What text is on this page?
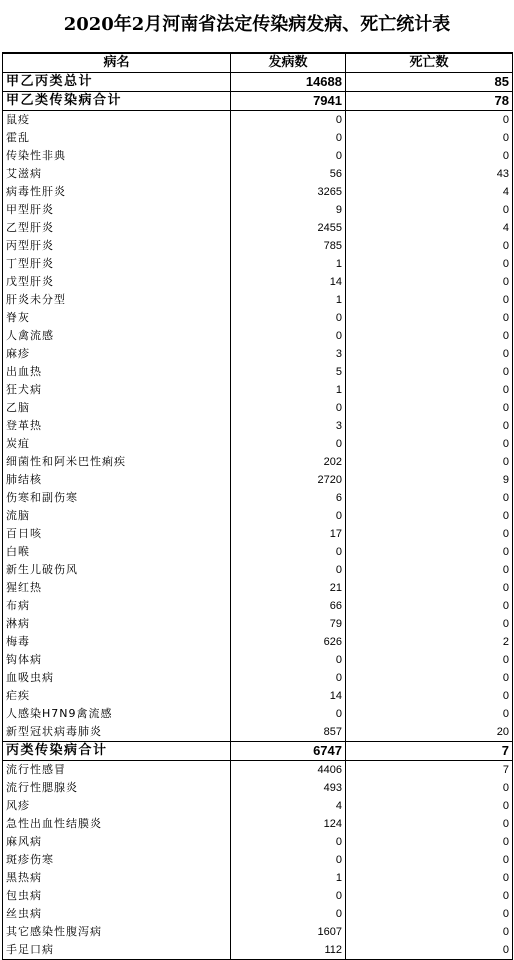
2020年2月河南省法定传染病发病、死亡统计表
病名	发病数	死亡数
甲乙丙类总计	14688	85
甲乙类传染病合计	7941	78
鼠疫	0	0
霍乱	0	0
传染性非典	0	0
艾滋病	56	43
病毒性肝炎	3265	4
甲型肝炎	9	0
乙型肝炎	2455	4
丙型肝炎	785	0
丁型肝炎	1	0
戊型肝炎	14	0
肝炎未分型	1	0
脊灰	0	0
人禽流感	0	0
麻疹	3	0
出血热	5	0
狂犬病	1	0
乙脑	0	0
登革热	3	0
炭疽	0	0
细菌性和阿米巴性痢疾	202	0
肺结核	2720	9
伤寒和副伤寒	6	0
流脑	0	0
百日咳	17	0
白喉	0	0
新生儿破伤风	0	0
猩红热	21	0
布病	66	0
淋病	79	0
梅毒	626	2
钩体病	0	0
血吸虫病	0	0
疟疾	14	0
人感染H7N9禽流感	0	0
新型冠状病毒肺炎	857	20
丙类传染病合计	6747	7
流行性感冒	4406	7
流行性腮腺炎	493	0
风疹	4	0
急性出血性结膜炎	124	0
麻风病	0	0
斑疹伤寒	0	0
黑热病	1	0
包虫病	0	0
丝虫病	0	0
其它感染性腹泻病	1607	0
手足口病	112	0
